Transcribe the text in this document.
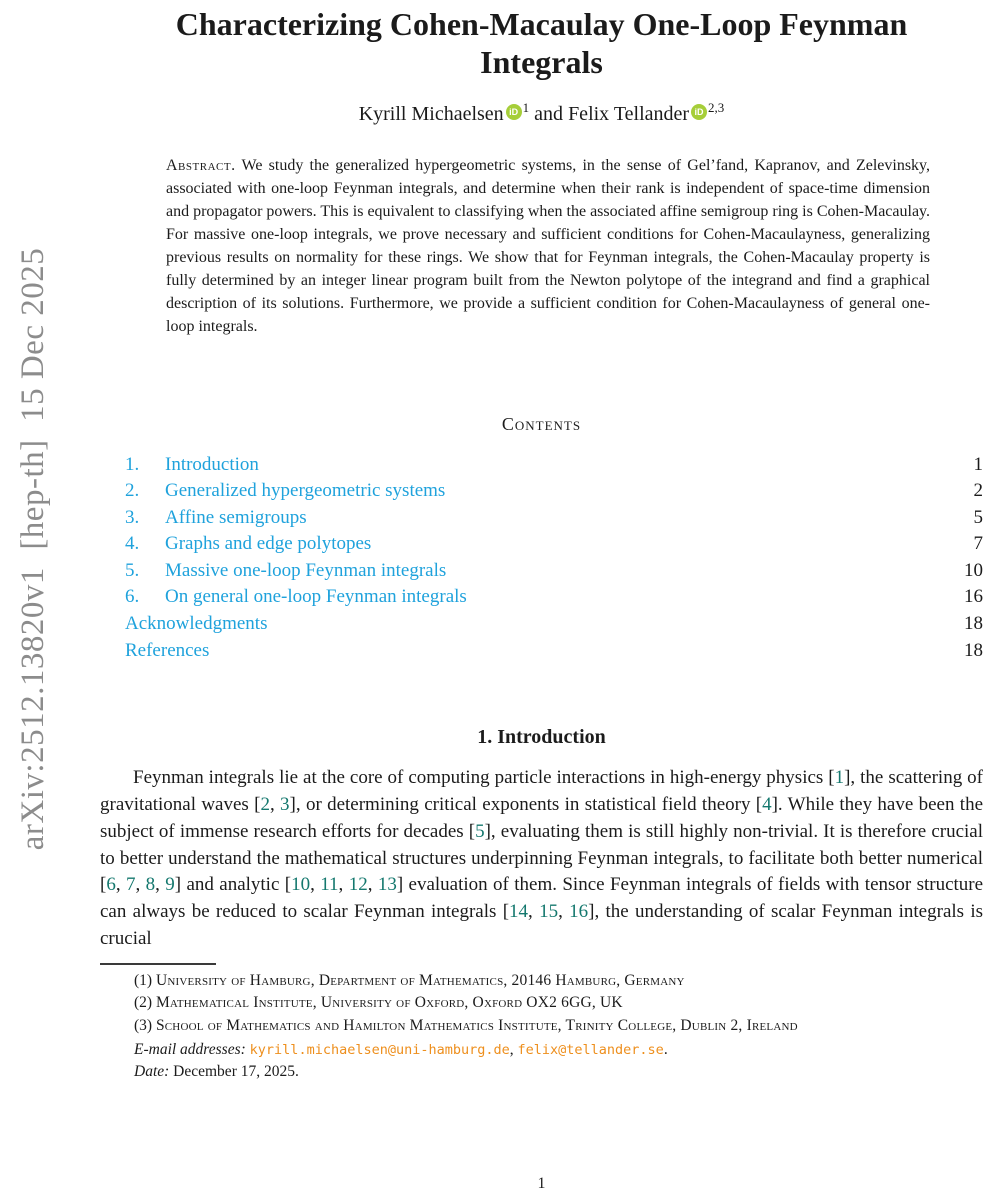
arXiv:2512.13820v1  [hep-th]  15 Dec 2025
Characterizing Cohen-Macaulay One-Loop Feynman Integrals
Kyrill Michaelsen iD $^1$ and Felix Tellander iD $^{2,3}$

Abstract. We study the generalized hypergeometric systems, in the sense of Gel’fand, Kapranov, and Zelevinsky, associated with one-loop Feynman integrals, and determine when their rank is independent of space-time dimension and propagator powers. This is equivalent to classifying when the associated affine semigroup ring is Cohen-Macaulay. For massive one-loop integrals, we prove necessary and sufficient conditions for Cohen-Macaulayness, generalizing previous results on normality for these rings. We show that for Feynman integrals, the Cohen-Macaulay property is fully determined by an integer linear program built from the Newton polytope of the integrand and find a graphical description of its solutions. Furthermore, we provide a sufficient condition for Cohen-Macaulayness of general one-loop integrals.

Contents
1.	Introduction	1
2.	Generalized hypergeometric systems	2
3.	Affine semigroups	5
4.	Graphs and edge polytopes	7
5.	Massive one-loop Feynman integrals	10
6.	On general one-loop Feynman integrals	16
Acknowledgments	18
References	18
1. Introduction

Feynman integrals lie at the core of computing particle interactions in high-energy physics [1], the scattering of gravitational waves [2, 3], or determining critical exponents in statistical field theory [4]. While they have been the subject of immense research efforts for decades [5], evaluating them is still highly non-trivial. It is therefore crucial to better understand the mathematical structures underpinning Feynman integrals, to facilitate both better numerical [6, 7, 8, 9] and analytic [10, 11, 12, 13] evaluation of them. Since Feynman integrals of fields with tensor structure can always be reduced to scalar Feynman integrals [14, 15, 16], the understanding of scalar Feynman integrals is crucial

(1) University of Hamburg, Department of Mathematics, 20146 Hamburg, Germany
(2) Mathematical Institute, University of Oxford, Oxford OX2 6GG, UK
(3) School of Mathematics and Hamilton Mathematics Institute, Trinity College, Dublin 2, Ireland
E-mail addresses: kyrill.michaelsen@uni-hamburg.de, felix@tellander.se.
Date: December 17, 2025.
1
